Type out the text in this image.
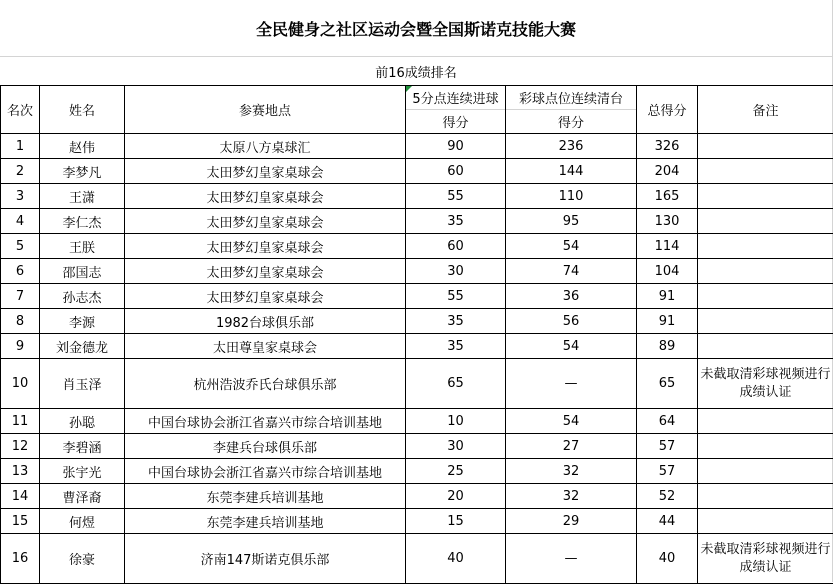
全民健身之社区运动会暨全国斯诺克技能大赛
前16成绩排名
名次	姓名	参赛地点	5分点连续进球	彩球点位连续清台	总得分	备注
			得分	得分		
1	赵伟	太原八方桌球汇	90	236	326	
2	李梦凡	太田梦幻皇家桌球会	60	144	204	
3	王潇	太田梦幻皇家桌球会	55	110	165	
4	李仁杰	太田梦幻皇家桌球会	35	95	130	
5	王朕	太田梦幻皇家桌球会	60	54	114	
6	邵国志	太田梦幻皇家桌球会	30	74	104	
7	孙志杰	太田梦幻皇家桌球会	55	36	91	
8	李源	1982台球俱乐部	35	56	91	
9	刘金德龙	太田尊皇家桌球会	35	54	89	
10	肖玉泽	杭州浩波乔氏台球俱乐部	65	—	65	未截取清彩球视频进行成绩认证
11	孙聪	中国台球协会浙江省嘉兴市综合培训基地	10	54	64	
12	李碧涵	李建兵台球俱乐部	30	27	57	
13	张宇光	中国台球协会浙江省嘉兴市综合培训基地	25	32	57	
14	曹泽裔	东莞李建兵培训基地	20	32	52	
15	何煜	东莞李建兵培训基地	15	29	44	
16	徐豪	济南147斯诺克俱乐部	40	—	40	未截取清彩球视频进行成绩认证
